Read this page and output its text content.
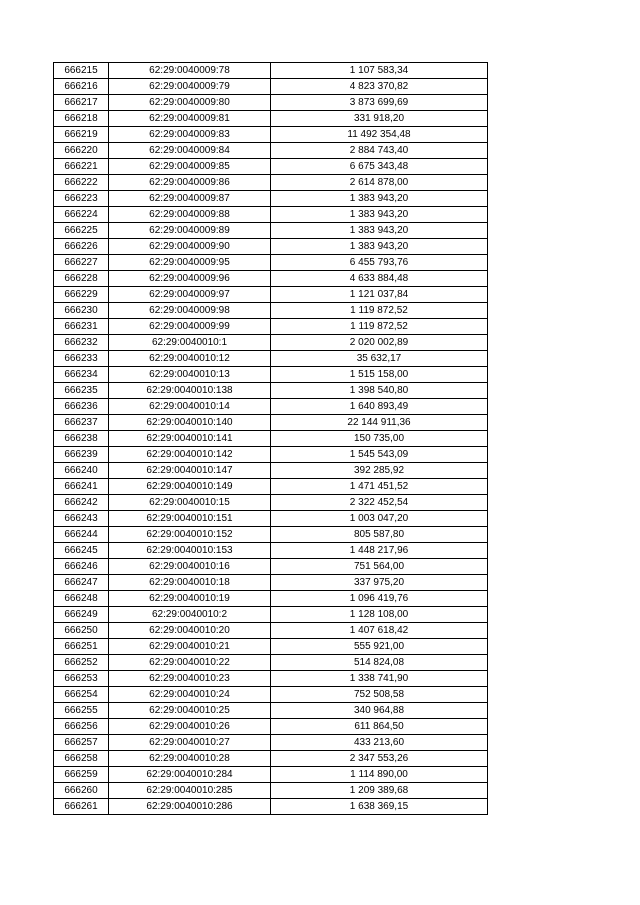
666215	62:29:0040009:78	1 107 583,34
666216	62:29:0040009:79	4 823 370,82
666217	62:29:0040009:80	3 873 699,69
666218	62:29:0040009:81	331 918,20
666219	62:29:0040009:83	11 492 354,48
666220	62:29:0040009:84	2 884 743,40
666221	62:29:0040009:85	6 675 343,48
666222	62:29:0040009:86	2 614 878,00
666223	62:29:0040009:87	1 383 943,20
666224	62:29:0040009:88	1 383 943,20
666225	62:29:0040009:89	1 383 943,20
666226	62:29:0040009:90	1 383 943,20
666227	62:29:0040009:95	6 455 793,76
666228	62:29:0040009:96	4 633 884,48
666229	62:29:0040009:97	1 121 037,84
666230	62:29:0040009:98	1 119 872,52
666231	62:29:0040009:99	1 119 872,52
666232	62:29:0040010:1	2 020 002,89
666233	62:29:0040010:12	35 632,17
666234	62:29:0040010:13	1 515 158,00
666235	62:29:0040010:138	1 398 540,80
666236	62:29:0040010:14	1 640 893,49
666237	62:29:0040010:140	22 144 911,36
666238	62:29:0040010:141	150 735,00
666239	62:29:0040010:142	1 545 543,09
666240	62:29:0040010:147	392 285,92
666241	62:29:0040010:149	1 471 451,52
666242	62:29:0040010:15	2 322 452,54
666243	62:29:0040010:151	1 003 047,20
666244	62:29:0040010:152	805 587,80
666245	62:29:0040010:153	1 448 217,96
666246	62:29:0040010:16	751 564,00
666247	62:29:0040010:18	337 975,20
666248	62:29:0040010:19	1 096 419,76
666249	62:29:0040010:2	1 128 108,00
666250	62:29:0040010:20	1 407 618,42
666251	62:29:0040010:21	555 921,00
666252	62:29:0040010:22	514 824,08
666253	62:29:0040010:23	1 338 741,90
666254	62:29:0040010:24	752 508,58
666255	62:29:0040010:25	340 964,88
666256	62:29:0040010:26	611 864,50
666257	62:29:0040010:27	433 213,60
666258	62:29:0040010:28	2 347 553,26
666259	62:29:0040010:284	1 114 890,00
666260	62:29:0040010:285	1 209 389,68
666261	62:29:0040010:286	1 638 369,15
